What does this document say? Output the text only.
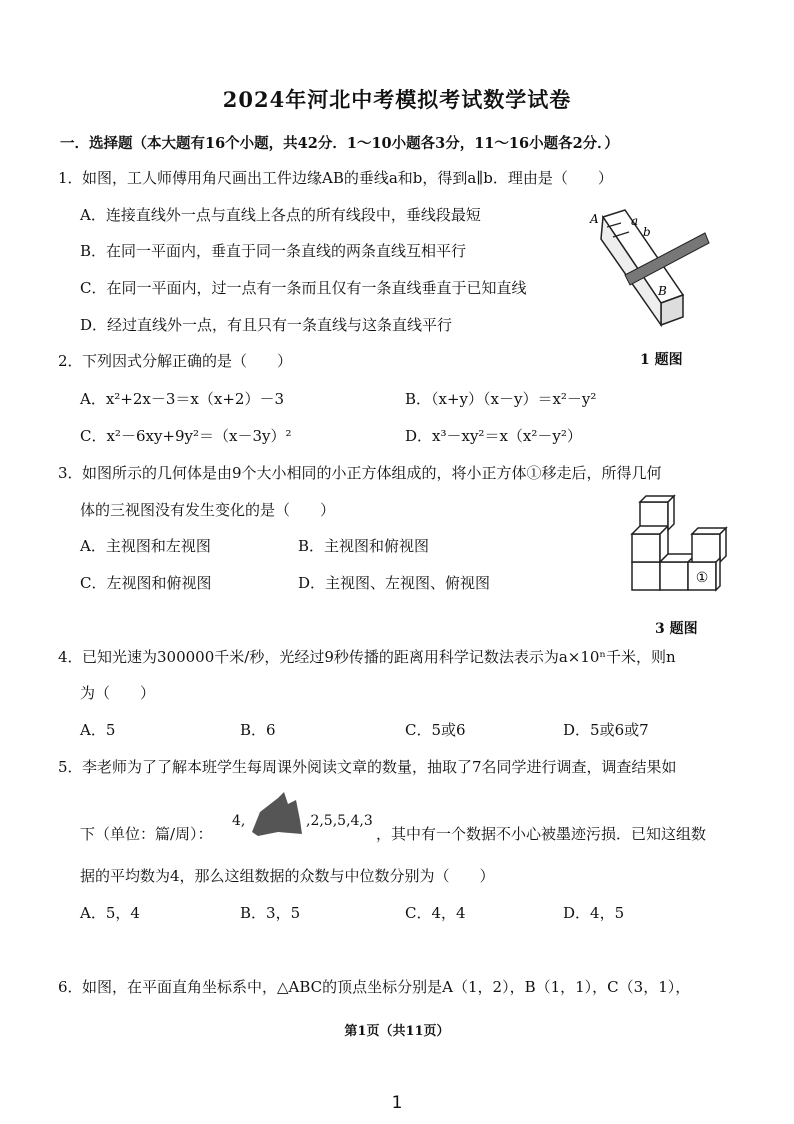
2024年河北中考模拟考试数学试卷
一．选择题（本大题有16个小题，共42分．1～10小题各3分，11～16小题各2分．）
1． 如图，工人师傅用角尺画出工件边缘AB的垂线a和b，得到a∥b．理由是（　　）
A．连接直线外一点与直线上各点的所有线段中，垂线段最短
B．在同一平面内，垂直于同一条直线的两条直线互相平行
C．在同一平面内，过一点有一条而且仅有一条直线垂直于已知直线
D．经过直线外一点，有且只有一条直线与这条直线平行
A	a
b
B
1 题图
2． 下列因式分解正确的是（　　）
A．x²+2x－3＝x（x+2）－3	B．（x+y）（x－y）＝x²－y²
C．x²－6xy+9y²＝（x－3y）²	D．x³－xy²＝x（x²－y²）
3． 如图所示的几何体是由9个大小相同的小正方体组成的，将小正方体①移走后，所得几何
体的三视图没有发生变化的是（　　）
A．主视图和左视图	B．主视图和俯视图
C．左视图和俯视图	D．主视图、左视图、俯视图	①
3 题图
4． 已知光速为300000千米/秒，光经过9秒传播的距离用科学记数法表示为a×10ⁿ千米，则n
为（　　）
A．5	B．6	C．5或6	D．5或6或7
5． 李老师为了了解本班学生每周课外阅读文章的数量，抽取了7名同学进行调查，调查结果如
下（单位：篇/周）：
4,	,2,5,5,4,3
，其中有一个数据不小心被墨迹污损．已知这组数
据的平均数为4，那么这组数据的众数与中位数分别为（　　）
A．5，4	B．3，5	C．4，4	D．4，5
6． 如图，在平面直角坐标系中，△ABC的顶点坐标分别是A（1，2），B（1，1），C（3，1），
第1页（共11页）
1
